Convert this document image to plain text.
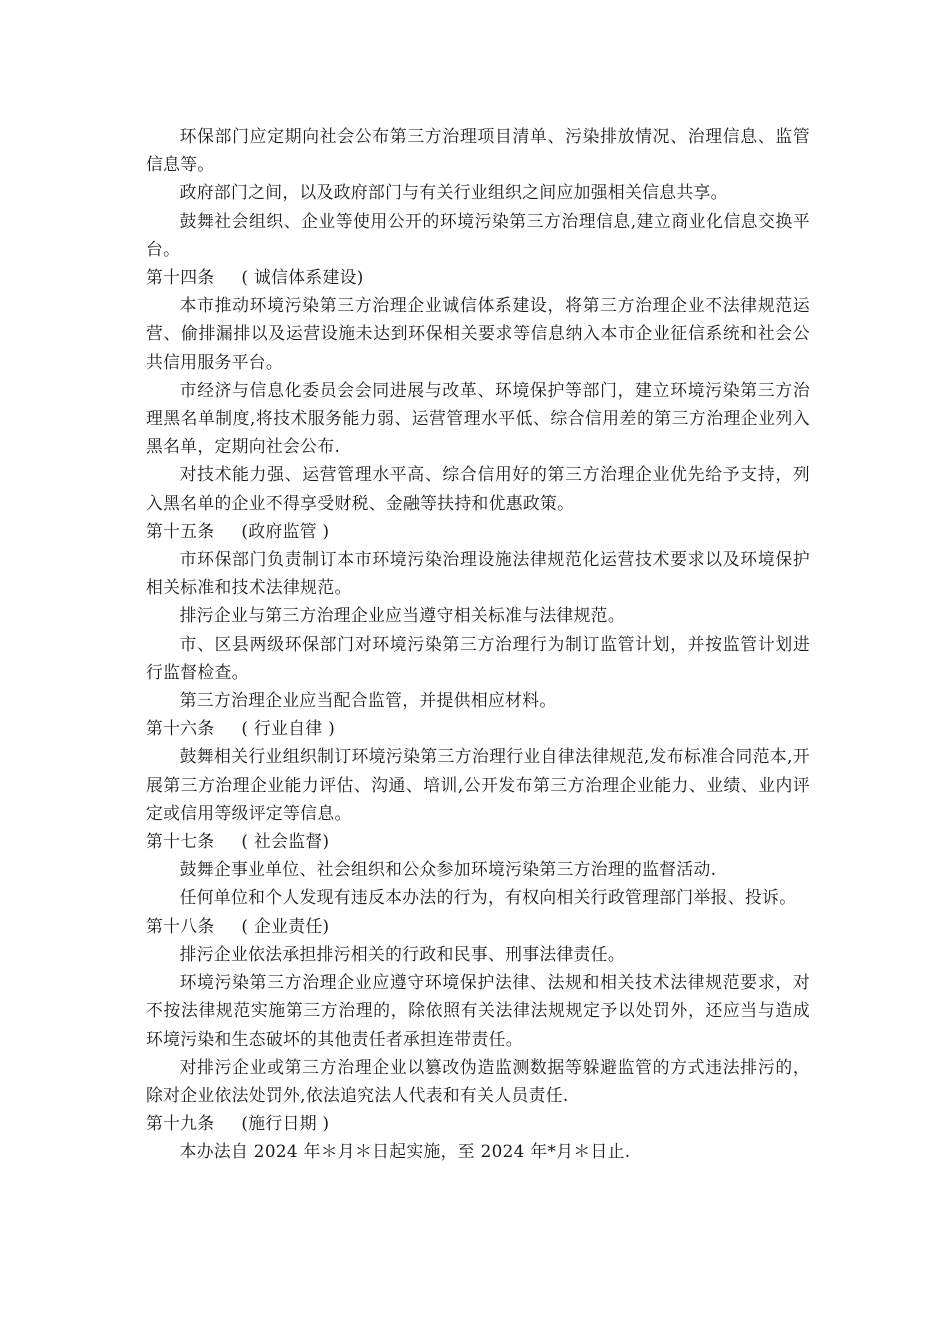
环保部门应定期向社会公布第三方治理项目清单、污染排放情况、治理信息、监管信息等。

政府部门之间，以及政府部门与有关行业组织之间应加强相关信息共享。

鼓舞社会组织、企业等使用公开的环境污染第三方治理信息,建立商业化信息交换平台。

第十四条 ( 诚信体系建设)

本市推动环境污染第三方治理企业诚信体系建设，将第三方治理企业不法律规范运营、偷排漏排以及运营设施未达到环保相关要求等信息纳入本市企业征信系统和社会公共信用服务平台。

市经济与信息化委员会会同进展与改革、环境保护等部门，建立环境污染第三方治理黑名单制度,将技术服务能力弱、运营管理水平低、综合信用差的第三方治理企业列入黑名单，定期向社会公布.

对技术能力强、运营管理水平高、综合信用好的第三方治理企业优先给予支持，列入黑名单的企业不得享受财税、金融等扶持和优惠政策。

第十五条 (政府监管 )

市环保部门负责制订本市环境污染治理设施法律规范化运营技术要求以及环境保护相关标准和技术法律规范。

排污企业与第三方治理企业应当遵守相关标准与法律规范。

市、区县两级环保部门对环境污染第三方治理行为制订监管计划，并按监管计划进行监督检查。

第三方治理企业应当配合监管，并提供相应材料。

第十六条 ( 行业自律 )

鼓舞相关行业组织制订环境污染第三方治理行业自律法律规范,发布标准合同范本,开展第三方治理企业能力评估、沟通、培训,公开发布第三方治理企业能力、业绩、业内评定或信用等级评定等信息。

第十七条 ( 社会监督)

鼓舞企事业单位、社会组织和公众参加环境污染第三方治理的监督活动.

任何单位和个人发现有违反本办法的行为，有权向相关行政管理部门举报、投诉。

第十八条 ( 企业责任)

排污企业依法承担排污相关的行政和民事、刑事法律责任。

环境污染第三方治理企业应遵守环境保护法律、法规和相关技术法律规范要求，对不按法律规范实施第三方治理的，除依照有关法律法规规定予以处罚外，还应当与造成环境污染和生态破坏的其他责任者承担连带责任。

对排污企业或第三方治理企业以篡改伪造监测数据等躲避监管的方式违法排污的，除对企业依法处罚外,依法追究法人代表和有关人员责任.

第十九条 (施行日期 )

本办法自 2024 年＊月＊日起实施，至 2024 年*月＊日止.
